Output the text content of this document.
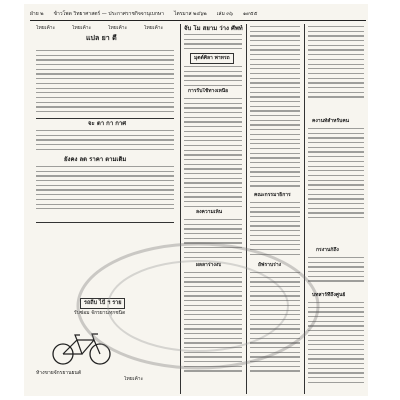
ฝ่าย ๒ ข้าวโพด วิทยาศาสตร์ — ประกาศราชกิจจานุเบกษา ไตรมาส ๒๔๖๒ เล่ม ๓๖ ๑๙๕๕
ไทยเค้าะ	ไทยเค้าะ	ไทยเค้าะ	ไทยเค้าะ
แปล ยา ตี
จะ ตา กา กาศ
ยังคง ลด ราคา ตามเดิม
รถถีบ ไป้ ฯ ราย
รับซ่อม จักรยานทุกชนิด
ห้างขายจักรยานยนต์
ไทยเค้าะ
จับ โม สยาม ว่าง ศัพท์
มุตต์ศิลา พาทรถ
การรับใช้ทางเหนือ
ลงความเห็น
ผลลาร่างงบ
คณะกรรมาธิการ
ยัฟราบร่าง
คงานท์สำหรับคน
กรงานก็ถึง
บทสาร์ที่ถึงศูนย์
